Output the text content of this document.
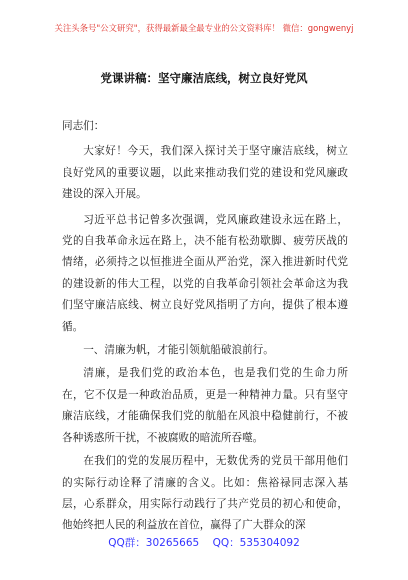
关注头条号"公文研究"，获得最新最全最专业的公文资料库！ 微信：gongwenyj
党课讲稿：坚守廉洁底线，树立良好党风

同志们：

大家好！今天，我们深入探讨关于坚守廉洁底线，树立良好党风的重要议题，以此来推动我们党的建设和党风廉政建设的深入开展。

习近平总书记曾多次强调，党风廉政建设永远在路上，党的自我革命永远在路上，决不能有松劲歇脚、疲劳厌战的情绪，必须持之以恒推进全面从严治党，深入推进新时代党的建设新的伟大工程，以党的自我革命引领社会革命这为我们坚守廉洁底线、树立良好党风指明了方向，提供了根本遵循。

一、清廉为帆，才能引领航船破浪前行。

清廉，是我们党的政治本色，也是我们党的生命力所在，它不仅是一种政治品质，更是一种精神力量。只有坚守廉洁底线，才能确保我们党的航船在风浪中稳健前行，不被各种诱惑所干扰，不被腐败的暗流所吞噬。

在我们的党的发展历程中，无数优秀的党员干部用他们的实际行动诠释了清廉的含义。比如：焦裕禄同志深入基层，心系群众，用实际行动践行了共产党员的初心和使命，他始终把人民的利益放在首位，赢得了广大群众的深

QQ群：30265665 QQ：535304092
